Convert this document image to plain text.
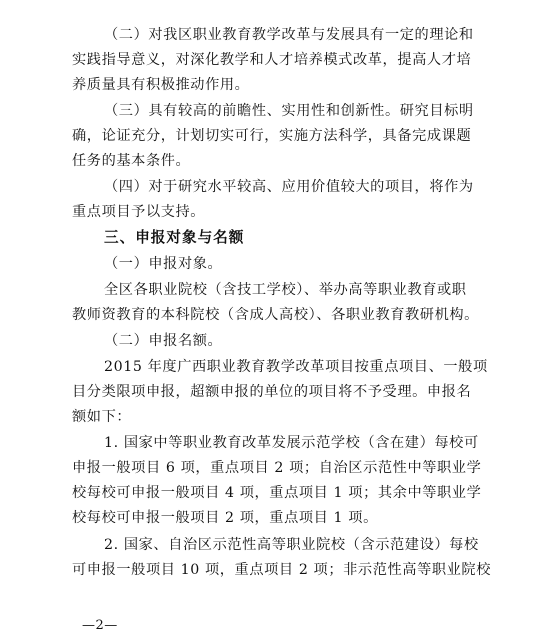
（二）对我区职业教育教学改革与发展具有一定的理论和
实践指导意义，对深化教学和人才培养模式改革，提高人才培
养质量具有积极推动作用。
（三）具有较高的前瞻性、实用性和创新性。研究目标明
确，论证充分，计划切实可行，实施方法科学，具备完成课题
任务的基本条件。
（四）对于研究水平较高、应用价值较大的项目，将作为
重点项目予以支持。
三、申报对象与名额
（一）申报对象。
全区各职业院校（含技工学校）、举办高等职业教育或职
教师资教育的本科院校（含成人高校）、各职业教育教研机构。
（二）申报名额。
2015 年度广西职业教育教学改革项目按重点项目、一般项
目分类限项申报，超额申报的单位的项目将不予受理。申报名
额如下：
1. 国家中等职业教育改革发展示范学校（含在建）每校可
申报一般项目 6 项，重点项目 2 项；自治区示范性中等职业学
校每校可申报一般项目 4 项，重点项目 1 项；其余中等职业学
校每校可申报一般项目 2 项，重点项目 1 项。
2. 国家、自治区示范性高等职业院校（含示范建设）每校
可申报一般项目 10 项，重点项目 2 项；非示范性高等职业院校
—2—
